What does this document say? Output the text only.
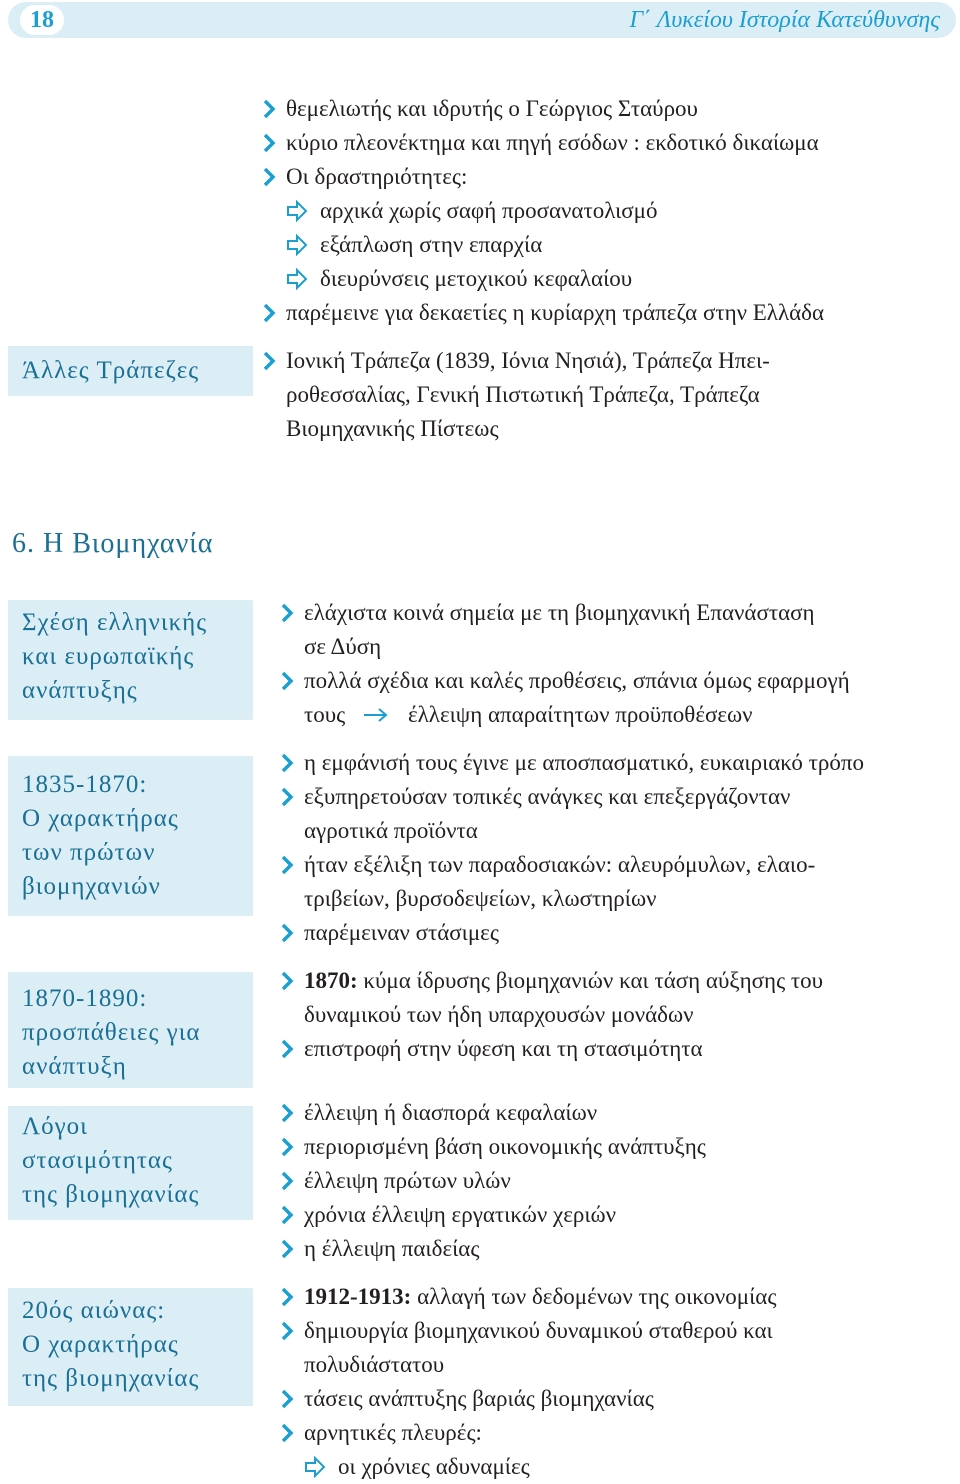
18	Γ΄ Λυκείου Ιστορία Κατεύθυνσης
θεμελιωτής και ιδρυτής ο Γεώργιος Σταύρου
κύριο πλεονέκτημα και πηγή εσόδων : εκδοτικό δικαίωμα
Οι δραστηριότητες:
αρχικά χωρίς σαφή προσανατολισμό
εξάπλωση στην επαρχία
διευρύνσεις μετοχικού κεφαλαίου
παρέμεινε για δεκαετίες η κυρίαρχη τράπεζα στην Ελλάδα
Άλλες Τράπεζες	Ιονική Τράπεζα (1839, Ιόνια Νησιά), Τράπεζα Ηπει-
ροθεσσαλίας, Γενική Πιστωτική Τράπεζα, Τράπεζα
Βιομηχανικής Πίστεως
6. Η Βιομηχανία
Σχέση ελληνικής
και ευρωπαϊκής
ανάπτυξης
ελάχιστα κοινά σημεία με τη βιομηχανική Επανάσταση
σε Δύση
πολλά σχέδια και καλές προθέσεις, σπάνια όμως εφαρμογή
τους	έλλειψη απαραίτητων προϋποθέσεων
1835-1870:
Ο χαρακτήρας
των πρώτων
βιομηχανιών
η εμφάνισή τους έγινε με αποσπασματικό, ευκαιριακό τρόπο
εξυπηρετούσαν τοπικές ανάγκες και επεξεργάζονταν
αγροτικά προϊόντα
ήταν εξέλιξη των παραδοσιακών: αλευρόμυλων, ελαιο-
τριβείων, βυρσοδεψείων, κλωστηρίων
παρέμειναν στάσιμες
1870-1890:
προσπάθειες για
ανάπτυξη
1870: κύμα ίδρυσης βιομηχανιών και τάση αύξησης του
δυναμικού των ήδη υπαρχουσών μονάδων
επιστροφή στην ύφεση και τη στασιμότητα
Λόγοι
στασιμότητας
της βιομηχανίας
έλλειψη ή διασπορά κεφαλαίων
περιορισμένη βάση οικονομικής ανάπτυξης
έλλειψη πρώτων υλών
χρόνια έλλειψη εργατικών χεριών
η έλλειψη παιδείας
20ός αιώνας:
Ο χαρακτήρας
της βιομηχανίας
1912-1913: αλλαγή των δεδομένων της οικονομίας
δημιουργία βιομηχανικού δυναμικού σταθερού και
πολυδιάστατου
τάσεις ανάπτυξης βαριάς βιομηχανίας
αρνητικές πλευρές:
οι χρόνιες αδυναμίες
